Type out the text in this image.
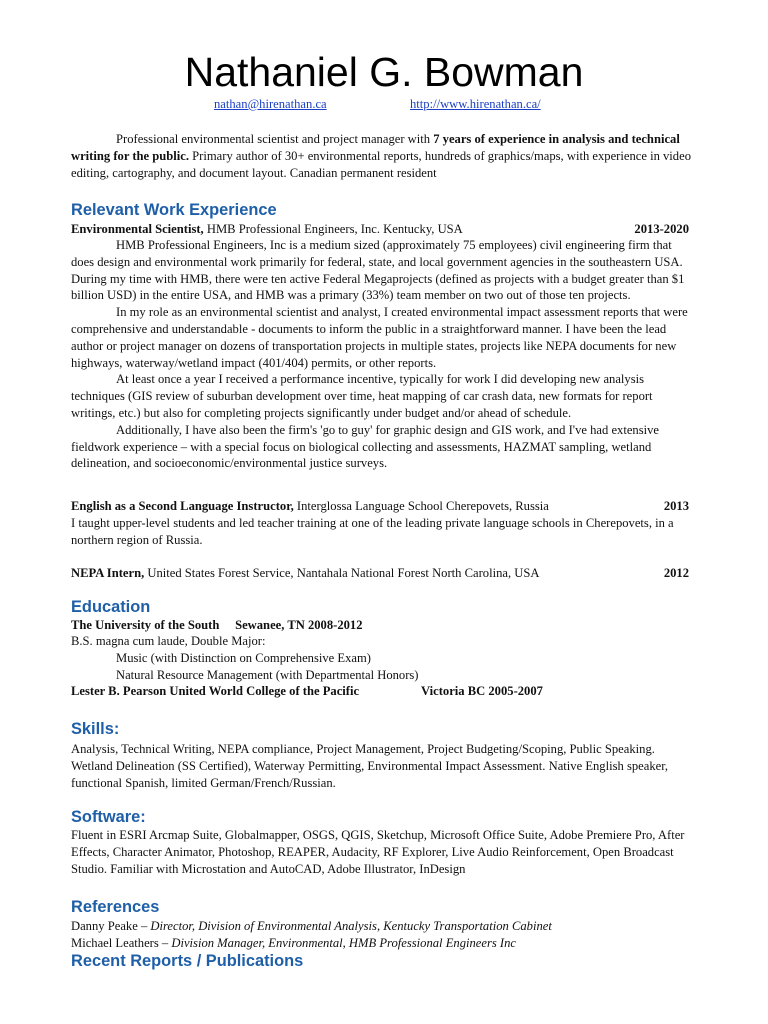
Nathaniel G. Bowman
nathan@hirenathan.ca	http://www.hirenathan.ca/

Professional environmental scientist and project manager with 7 years of experience in analysis and technical writing for the public. Primary author of 30+ environmental reports, hundreds of graphics/maps, with experience in video editing, cartography, and document layout. Canadian permanent resident

Relevant Work Experience
Environmental Scientist, HMB Professional Engineers, Inc. Kentucky, USA	2013-2020

HMB Professional Engineers, Inc is a medium sized (approximately 75 employees) civil engineering firm that does design and environmental work primarily for federal, state, and local government agencies in the southeastern USA. During my time with HMB, there were ten active Federal Megaprojects (defined as projects with a budget greater than $1 billion USD) in the entire USA, and HMB was a primary (33%) team member on two out of those ten projects.

In my role as an environmental scientist and analyst, I created environmental impact assessment reports that were comprehensive and understandable - documents to inform the public in a straightforward manner. I have been the lead author or project manager on dozens of transportation projects in multiple states, projects like NEPA documents for new highways, waterway/wetland impact (401/404) permits, or other reports.

At least once a year I received a performance incentive, typically for work I did developing new analysis techniques (GIS review of suburban development over time, heat mapping of car crash data, new formats for report writings, etc.) but also for completing projects significantly under budget and/or ahead of schedule.

Additionally, I have also been the firm's 'go to guy' for graphic design and GIS work, and I've had extensive fieldwork experience – with a special focus on biological collecting and assessments, HAZMAT sampling, wetland delineation, and socioeconomic/environmental justice surveys.

English as a Second Language Instructor, Interglossa Language School Cherepovets, Russia	2013

I taught upper-level students and led teacher training at one of the leading private language schools in Cherepovets, in a northern region of Russia.

NEPA Intern, United States Forest Service, Nantahala National Forest North Carolina, USA	2012
Education
The University of the South     Sewanee, TN 2008-2012
B.S. magna cum laude, Double Major:
Music (with Distinction on Comprehensive Exam)
Natural Resource Management (with Departmental Honors)
Lester B. Pearson United World College of the Pacific	Victoria BC 2005-2007
Skills:

Analysis, Technical Writing, NEPA compliance, Project Management, Project Budgeting/Scoping, Public Speaking. Wetland Delineation (SS Certified), Waterway Permitting, Environmental Impact Assessment. Native English speaker, functional Spanish, limited German/French/Russian.

Software:

Fluent in ESRI Arcmap Suite, Globalmapper, OSGS, QGIS, Sketchup, Microsoft Office Suite, Adobe Premiere Pro, After Effects, Character Animator, Photoshop, REAPER, Audacity, RF Explorer, Live Audio Reinforcement, Open Broadcast Studio. Familiar with Microstation and AutoCAD, Adobe Illustrator, InDesign

References
Danny Peake – Director, Division of Environmental Analysis, Kentucky Transportation Cabinet
Michael Leathers – Division Manager, Environmental, HMB Professional Engineers Inc
Recent Reports / Publications
